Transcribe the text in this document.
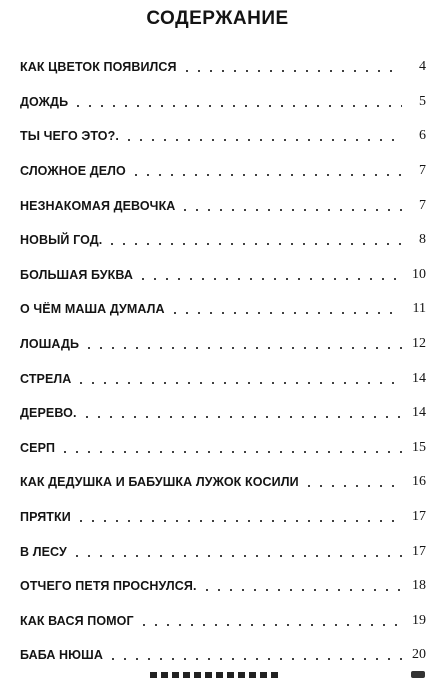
СОДЕРЖАНИЕ
КАК ЦВЕТОК ПОЯВИЛСЯ	4
ДОЖДЬ	5
ТЫ ЧЕГО ЭТО?.	6
СЛОЖНОЕ ДЕЛО	7
НЕЗНАКОМАЯ ДЕВОЧКА	7
НОВЫЙ ГОД.	8
БОЛЬШАЯ БУКВА	10
О ЧЁМ МАША ДУМАЛА	11
ЛОШАДЬ	12
СТРЕЛА	14
ДЕРЕВО.	14
СЕРП	15
КАК ДЕДУШКА И БАБУШКА ЛУЖОК КОСИЛИ	16
ПРЯТКИ	17
В ЛЕСУ	17
ОТЧЕГО ПЕТЯ ПРОСНУЛСЯ.	18
КАК ВАСЯ ПОМОГ	19
БАБА НЮША	20
